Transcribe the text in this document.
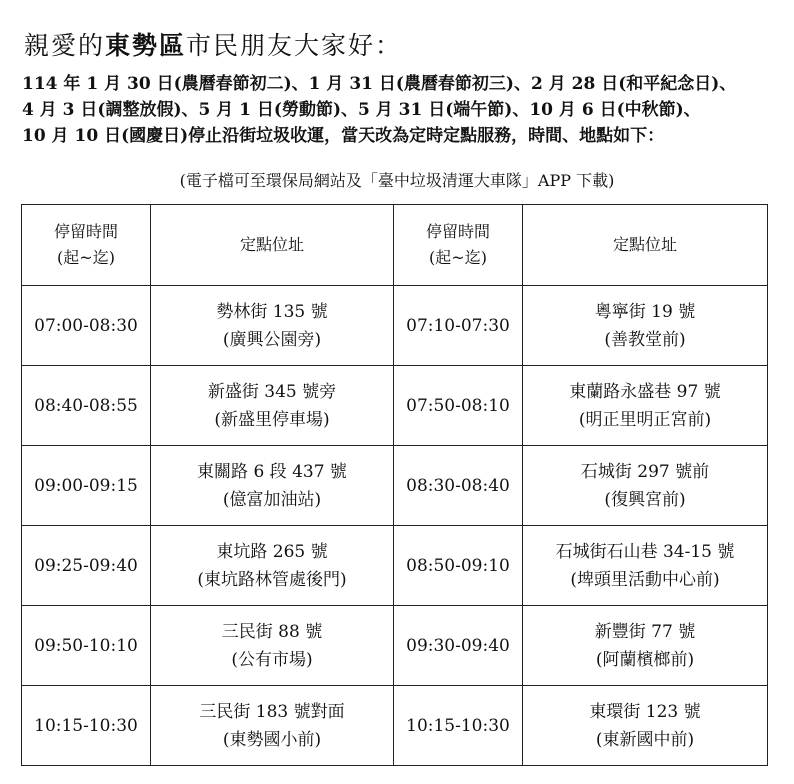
親愛的東勢區市民朋友大家好：
114 年 1 月 30 日(農曆春節初二)、1 月 31 日(農曆春節初三)、2 月 28 日(和平紀念日)、
4 月 3 日(調整放假)、5 月 1 日(勞動節)、5 月 31 日(端午節)、10 月 6 日(中秋節)、
10 月 10 日(國慶日)停止沿街垃圾收運，當天改為定時定點服務，時間、地點如下：
(電子檔可至環保局網站及「臺中垃圾清運大車隊」APP 下載)
停留時間
(起~迄)	定點位址	停留時間
(起~迄)	定點位址

07:00-08:30	勢林街 135 號
(廣興公園旁)	07:10-07:30	粵寧街 19 號
(善教堂前)

08:40-08:55	新盛街 345 號旁
(新盛里停車場)	07:50-08:10	東蘭路永盛巷 97 號
(明正里明正宮前)

09:00-09:15	東關路 6 段 437 號
(億富加油站)	08:30-08:40	石城街 297 號前
(復興宮前)

09:25-09:40	東坑路 265 號
(東坑路林管處後門)	08:50-09:10	石城街石山巷 34-15 號
(埤頭里活動中心前)

09:50-10:10	三民街 88 號
(公有市場)	09:30-09:40	新豐街 77 號
(阿蘭檳榔前)

10:15-10:30	三民街 183 號對面
(東勢國小前)	10:15-10:30	東環街 123 號
(東新國中前)
